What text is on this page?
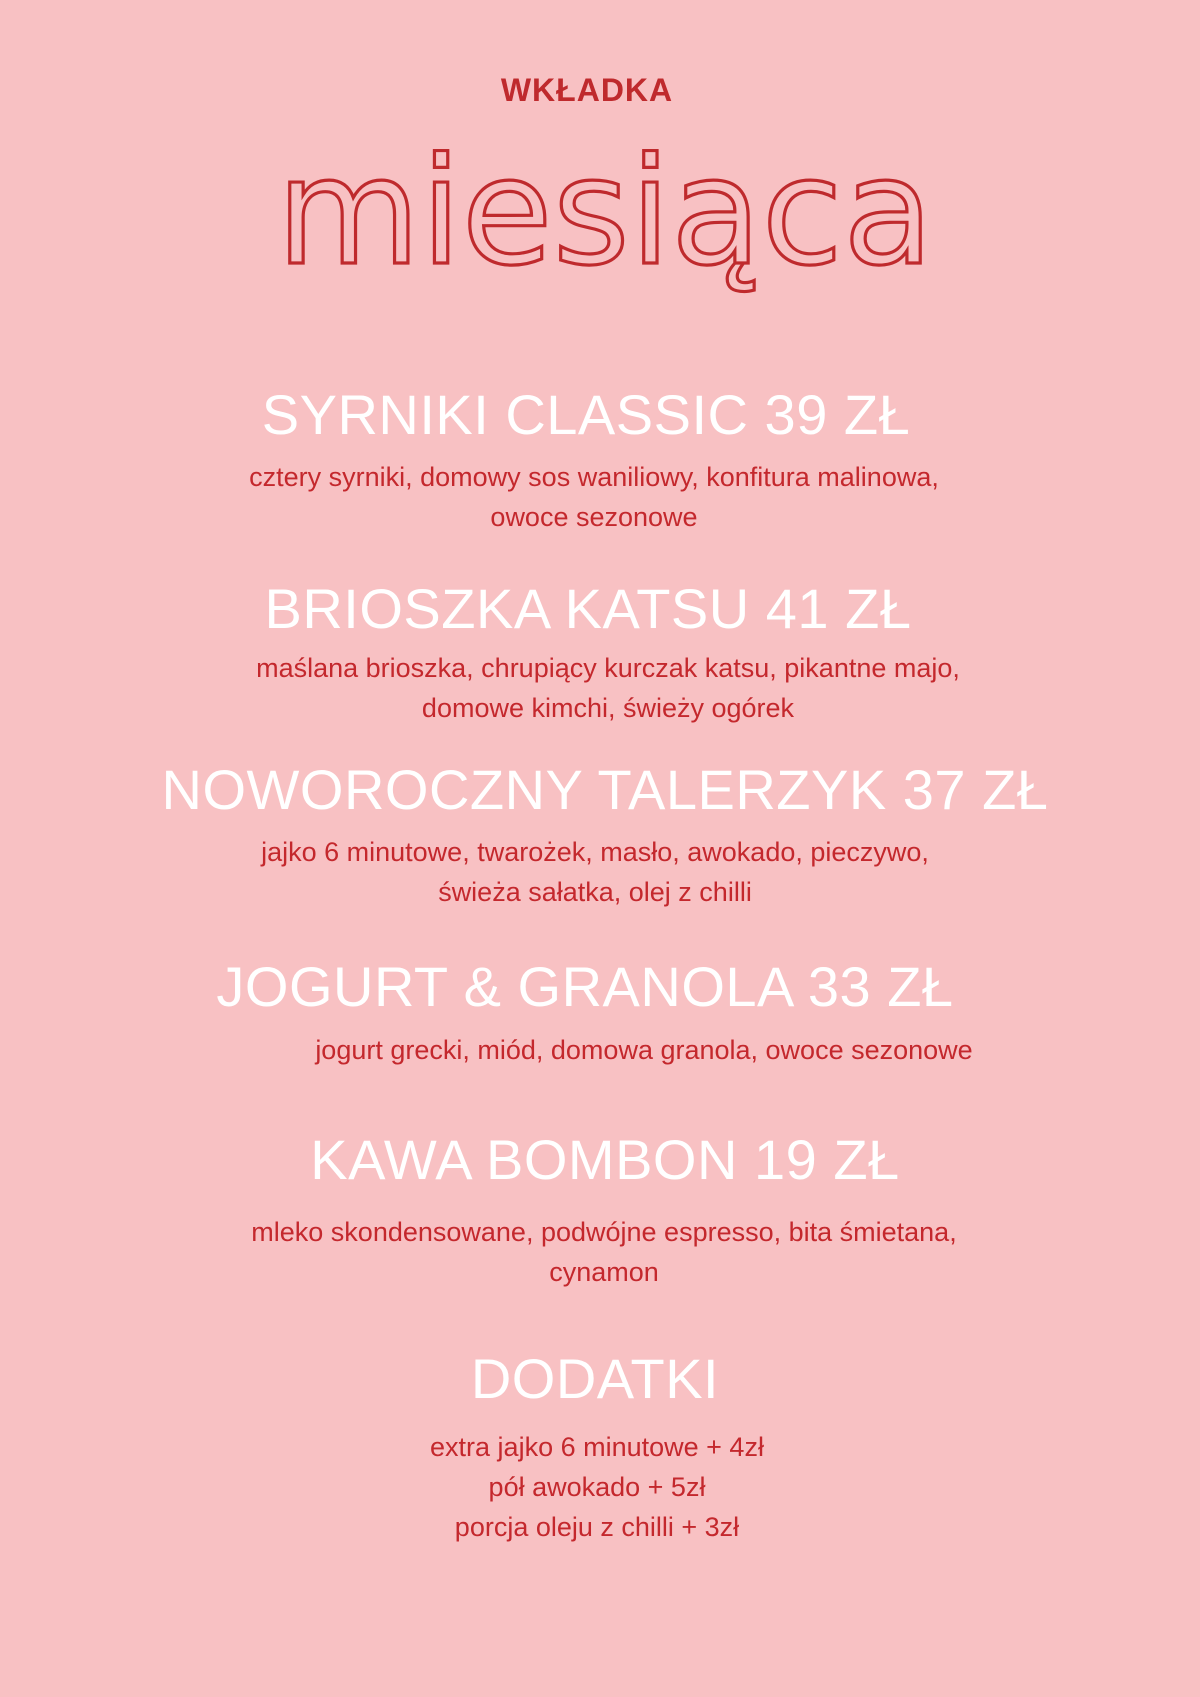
WKŁADKA
miesiąca
SYRNIKI CLASSIC 39 ZŁ
cztery syrniki, domowy sos waniliowy, konfitura malinowa,
owoce sezonowe
BRIOSZKA KATSU 41 ZŁ
maślana brioszka, chrupiący kurczak katsu, pikantne majo,
domowe kimchi, świeży ogórek
NOWOROCZNY TALERZYK 37 ZŁ
jajko 6 minutowe, twarożek, masło, awokado, pieczywo,
świeża sałatka, olej z chilli
JOGURT & GRANOLA 33 ZŁ
jogurt grecki, miód, domowa granola, owoce sezonowe
KAWA BOMBON 19 ZŁ
mleko skondensowane, podwójne espresso, bita śmietana,
cynamon
DODATKI
extra jajko 6 minutowe + 4zł
pół awokado + 5zł
porcja oleju z chilli + 3zł
